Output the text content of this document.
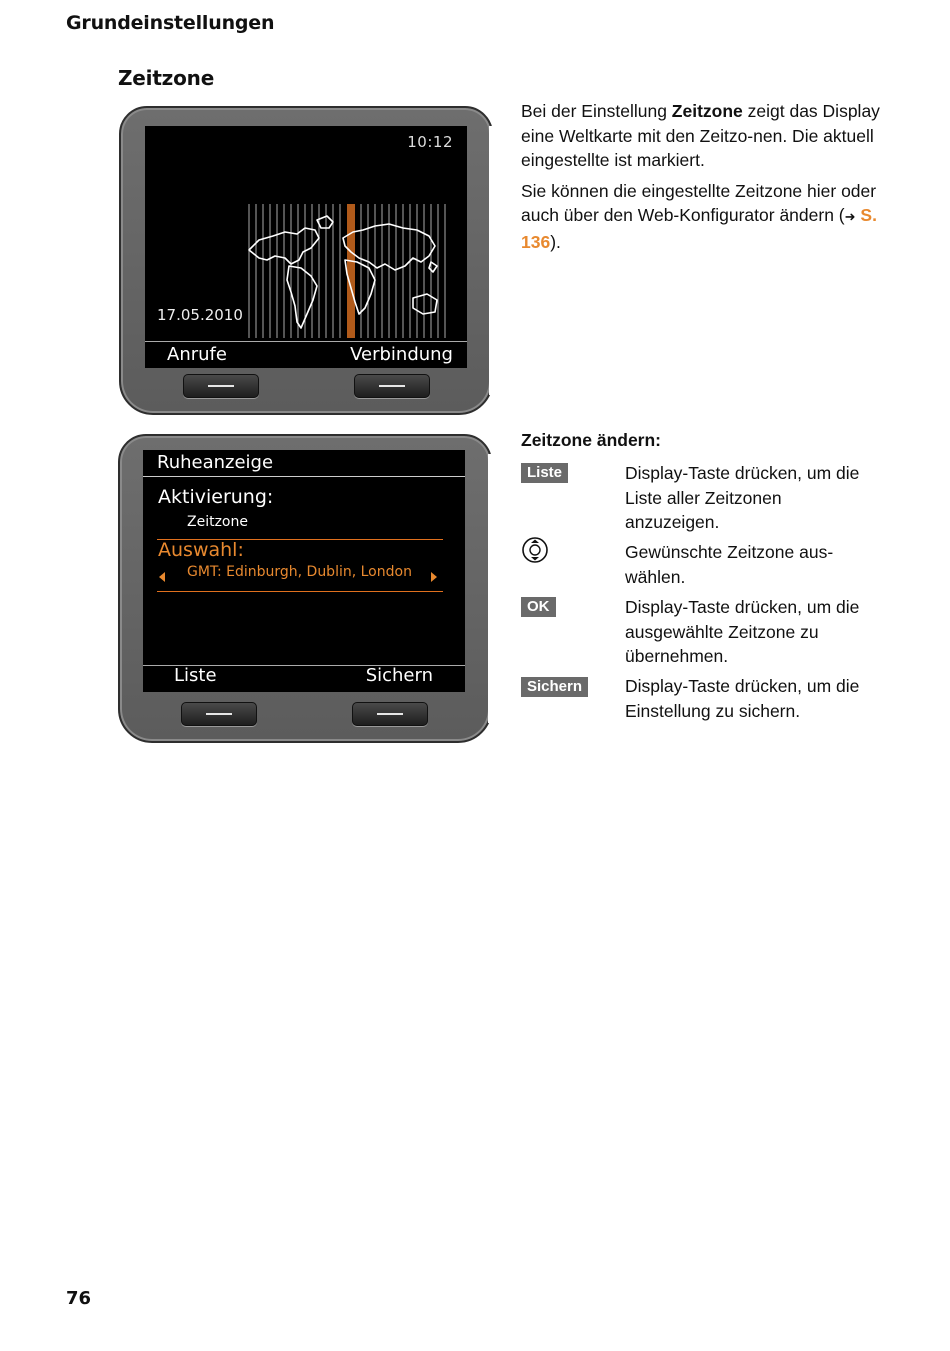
Grundeinstellungen
Zeitzone
10:12
17.05.2010
Anrufe	Verbindung
Ruheanzeige
Aktivierung:
Zeitzone
Auswahl:
GMT: Edinburgh, Dublin, London
Liste	Sichern

Bei der Einstellung Zeitzone zeigt das Display eine Weltkarte mit den Zeitzo-nen. Die aktuell eingestellte ist markiert.

Sie können die eingestellte Zeitzone hier oder auch über den Web-Konfigurator ändern (➜ S. 136).

Zeitzone ändern:
Liste	Display-Taste drücken, um die Liste aller Zeitzonen anzuzeigen.
Gewünschte Zeitzone aus-wählen.
OK	Display-Taste drücken, um die ausgewählte Zeitzone zu übernehmen.
Sichern	Display-Taste drücken, um die Einstellung zu sichern.
76
